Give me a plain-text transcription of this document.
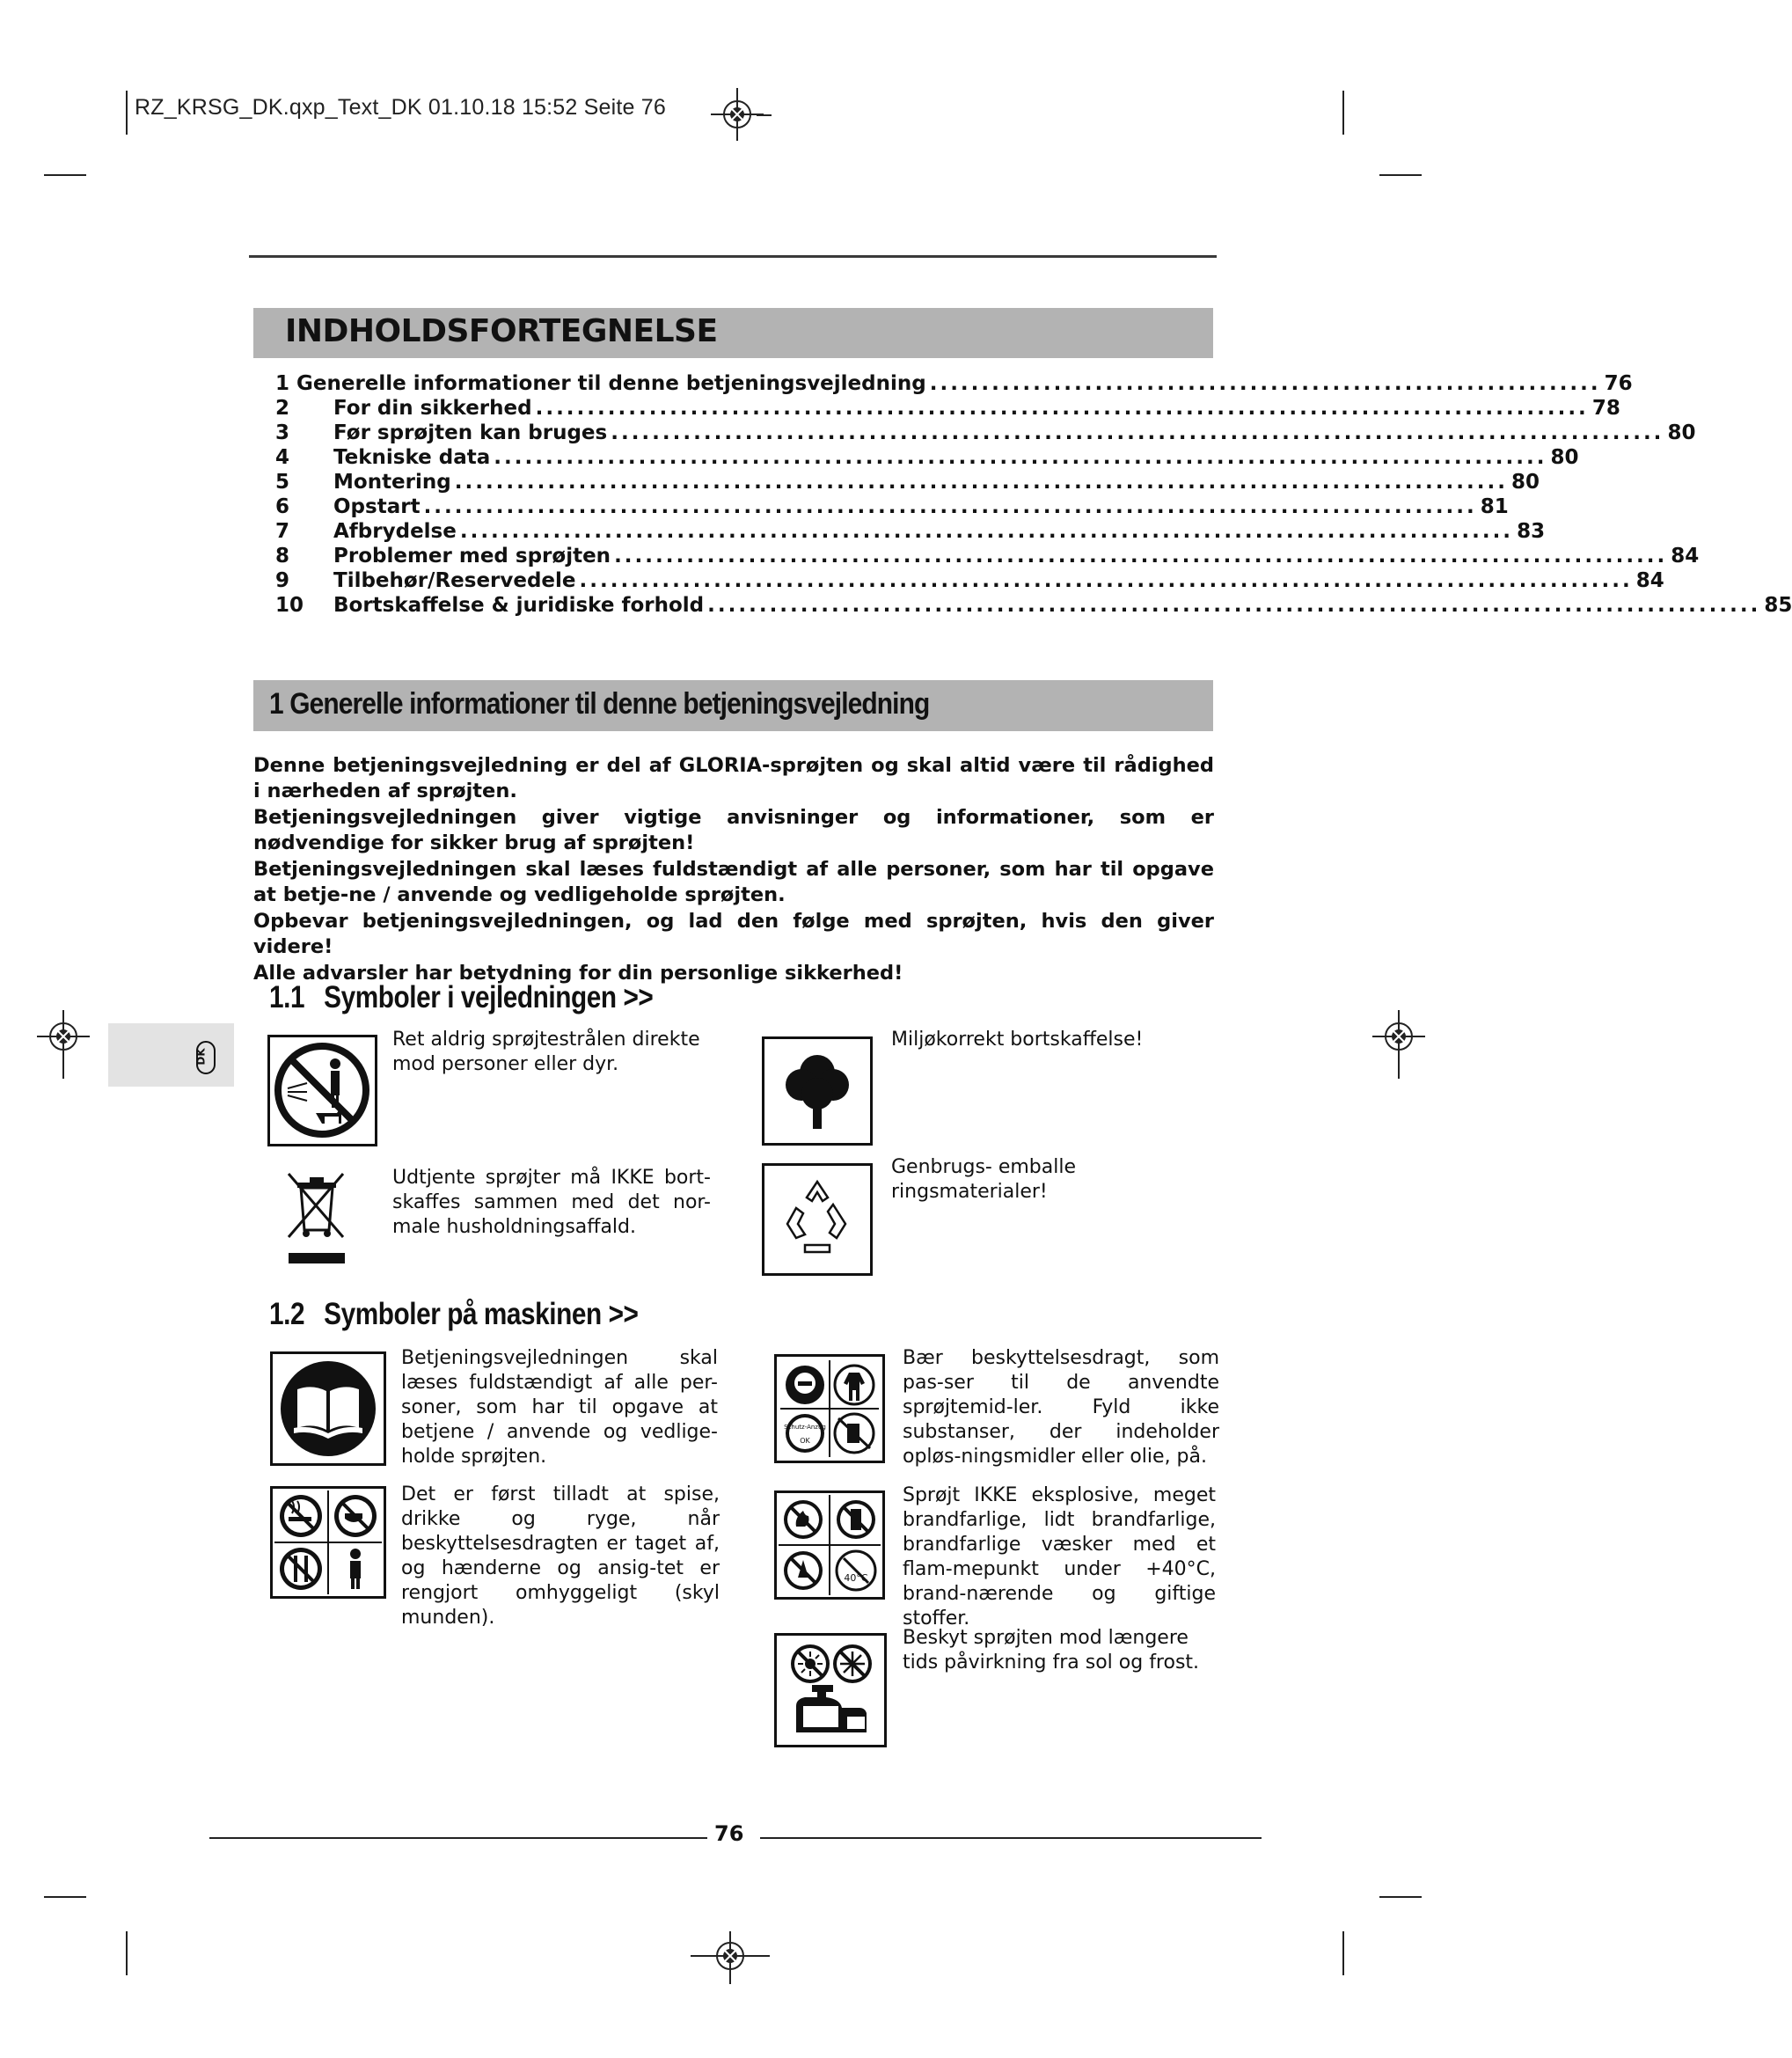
RZ_KRSG_DK.qxp_Text_DK 01.10.18 15:52 Seite 76
INDHOLDSFORTEGNELSE
1 Generelle informationer til denne betjeningsvejledning ................................................................. 76
2	For din sikkerhed ...................................................................................................... 78
3	Før sprøjten kan bruges ...................................................................................................... 80
4	Tekniske data ...................................................................................................... 80
5	Montering ...................................................................................................... 80
6	Opstart ...................................................................................................... 81
7	Afbrydelse ...................................................................................................... 83
8	Problemer med sprøjten ...................................................................................................... 84
9	Tilbehør/Reservedele ...................................................................................................... 84
10	Bortskaffelse & juridiske forhold ...................................................................................................... 85
1 Generelle informationer til denne betjeningsvejledning

Denne betjeningsvejledning er del af GLORIA-sprøjten og skal altid være til rådighed i nærheden af sprøjten.

Betjeningsvejledningen giver vigtige anvisninger og informationer, som er nødvendige for sikker brug af sprøjten!

Betjeningsvejledningen skal læses fuldstændigt af alle personer, som har til opgave at betje-ne / anvende og vedligeholde sprøjten.

Opbevar betjeningsvejledningen, og lad den følge med sprøjten, hvis den giver videre!

Alle advarsler har betydning for din personlige sikkerhed!

DK
1.1 Symboler i vejledningen >>
Ret aldrig sprøjtestrålen direkte mod personer eller dyr.
Miljøkorrekt bortskaffelse!
Udtjente sprøjter må IKKE bort-skaffes sammen med det nor-male husholdningsaffald.
Genbrugs- emballe ringsmaterialer!
1.2 Symboler på maskinen >>
Betjeningsvejledningen skal læses fuldstændigt af alle per-soner, som har til opgave at betjene / anvende og vedlige-holde sprøjten.
Schutz-Anzug
OK
Bær beskyttelsesdragt, som pas-ser til de anvendte sprøjtemid-ler. Fyld ikke substanser, der indeholder opløs-ningsmidler eller olie, på.
Det er først tilladt at spise, drikke og ryge, når beskyttelsesdragten er taget af, og hænderne og ansig-tet er rengjort omhyggeligt (skyl munden).
40°C
Sprøjt IKKE eksplosive, meget brandfarlige, lidt brandfarlige, brandfarlige væsker med et flam-mepunkt under +40°C, brand-nærende og giftige stoffer.
Beskyt sprøjten mod længere tids påvirkning fra sol og frost.
76
